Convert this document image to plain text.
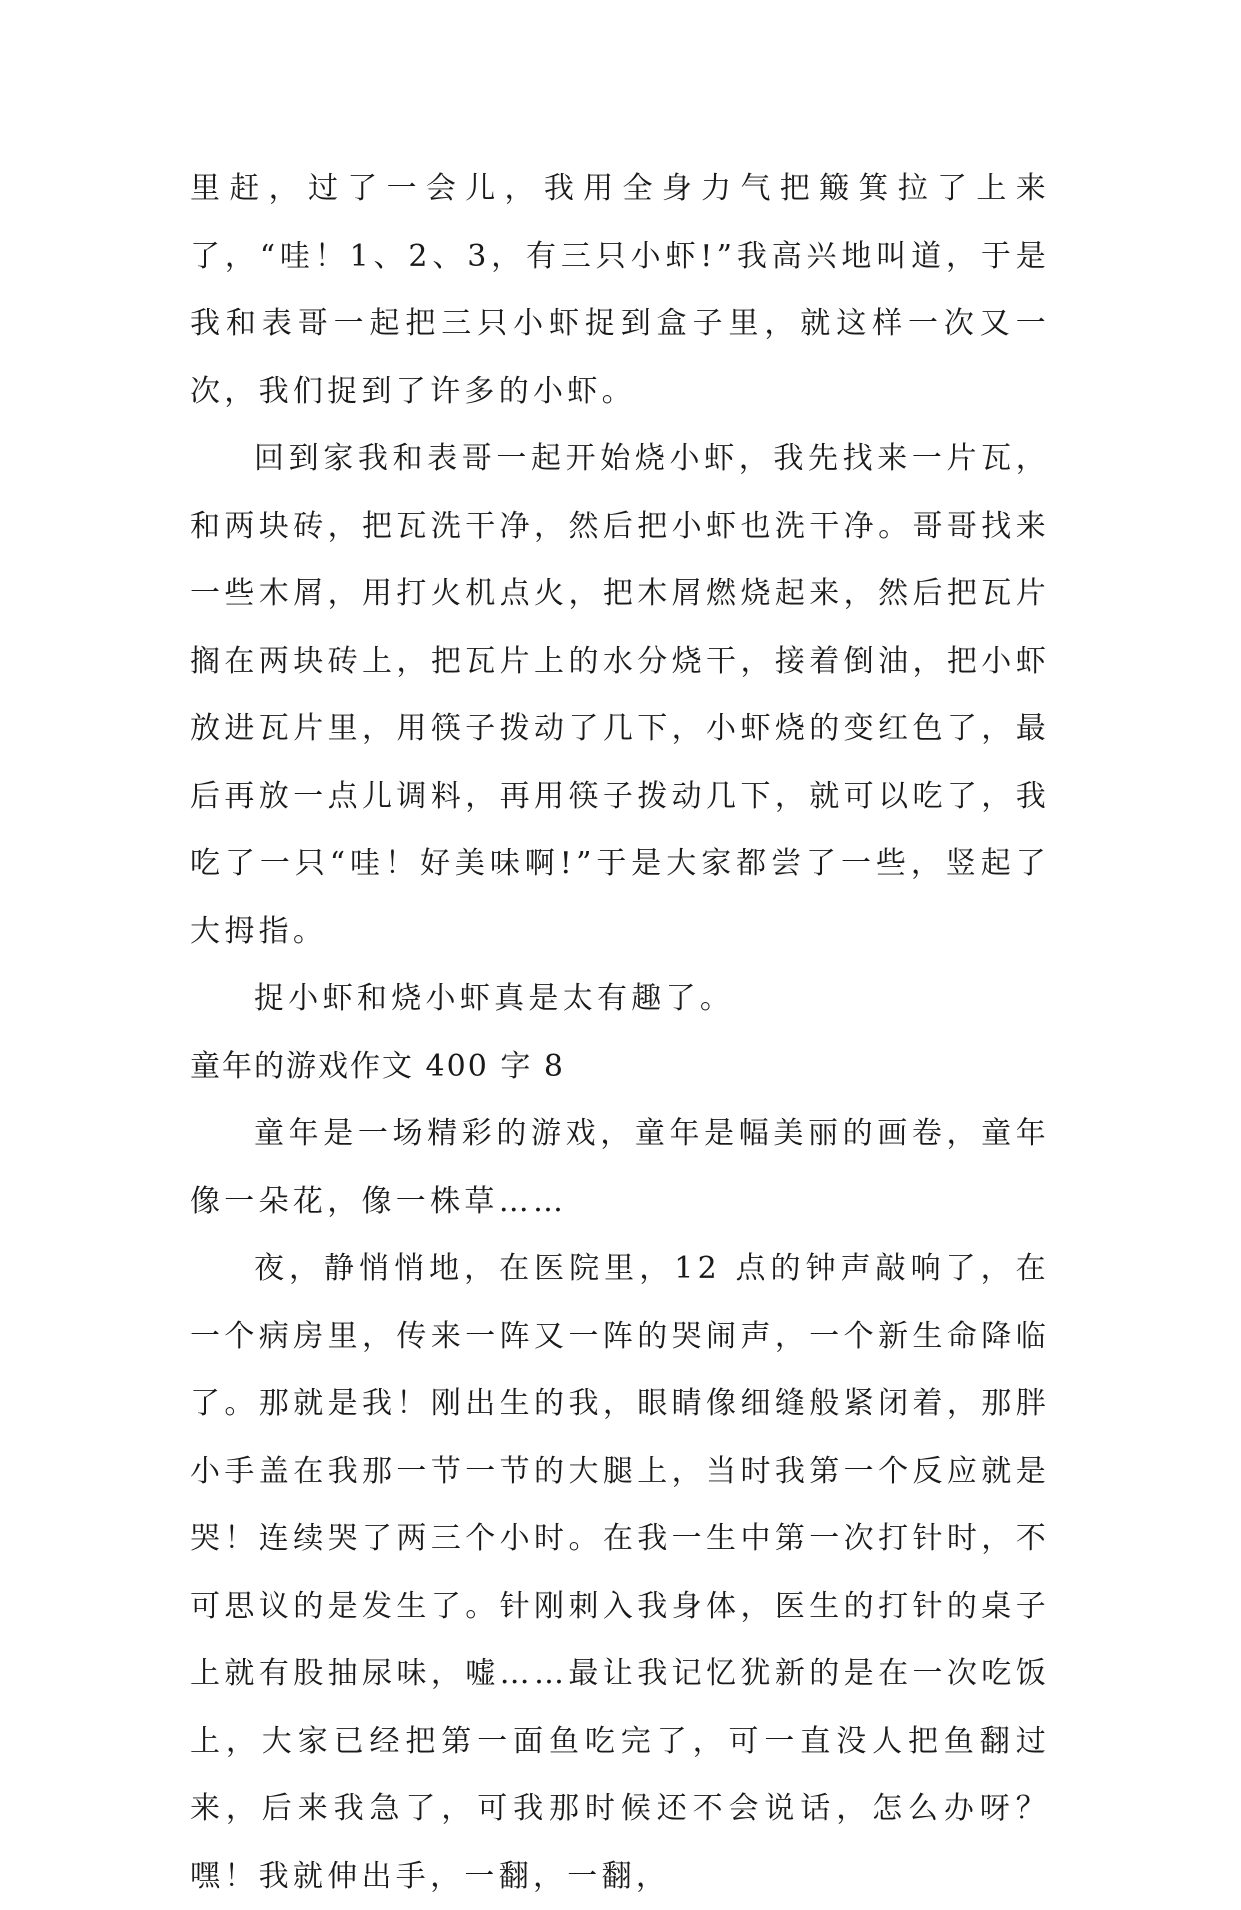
里赶，过了一会儿，我用全身力气把簸箕拉了上来了，“哇！1、2、3，有三只小虾!”我高兴地叫道，于是我和表哥一起把三只小虾捉到盒子里，就这样一次又一次，我们捉到了许多的小虾。

回到家我和表哥一起开始烧小虾，我先找来一片瓦，和两块砖，把瓦洗干净，然后把小虾也洗干净。哥哥找来一些木屑，用打火机点火，把木屑燃烧起来，然后把瓦片搁在两块砖上，把瓦片上的水分烧干，接着倒油，把小虾放进瓦片里，用筷子拨动了几下，小虾烧的变红色了，最后再放一点儿调料，再用筷子拨动几下，就可以吃了，我吃了一只“哇！好美味啊!”于是大家都尝了一些，竖起了大拇指。

捉小虾和烧小虾真是太有趣了。

童年的游戏作文 400 字 8

童年是一场精彩的游戏，童年是幅美丽的画卷，童年像一朵花，像一株草……

夜，静悄悄地，在医院里，12 点的钟声敲响了，在一个病房里，传来一阵又一阵的哭闹声，一个新生命降临了。那就是我！刚出生的我，眼睛像细缝般紧闭着，那胖小手盖在我那一节一节的大腿上，当时我第一个反应就是哭！连续哭了两三个小时。在我一生中第一次打针时，不可思议的是发生了。针刚刺入我身体，医生的打针的桌子上就有股抽尿味，嘘……最让我记忆犹新的是在一次吃饭上，大家已经把第一面鱼吃完了，可一直没人把鱼翻过来，后来我急了，可我那时候还不会说话，怎么办呀？嘿！我就伸出手，一翻，一翻，
